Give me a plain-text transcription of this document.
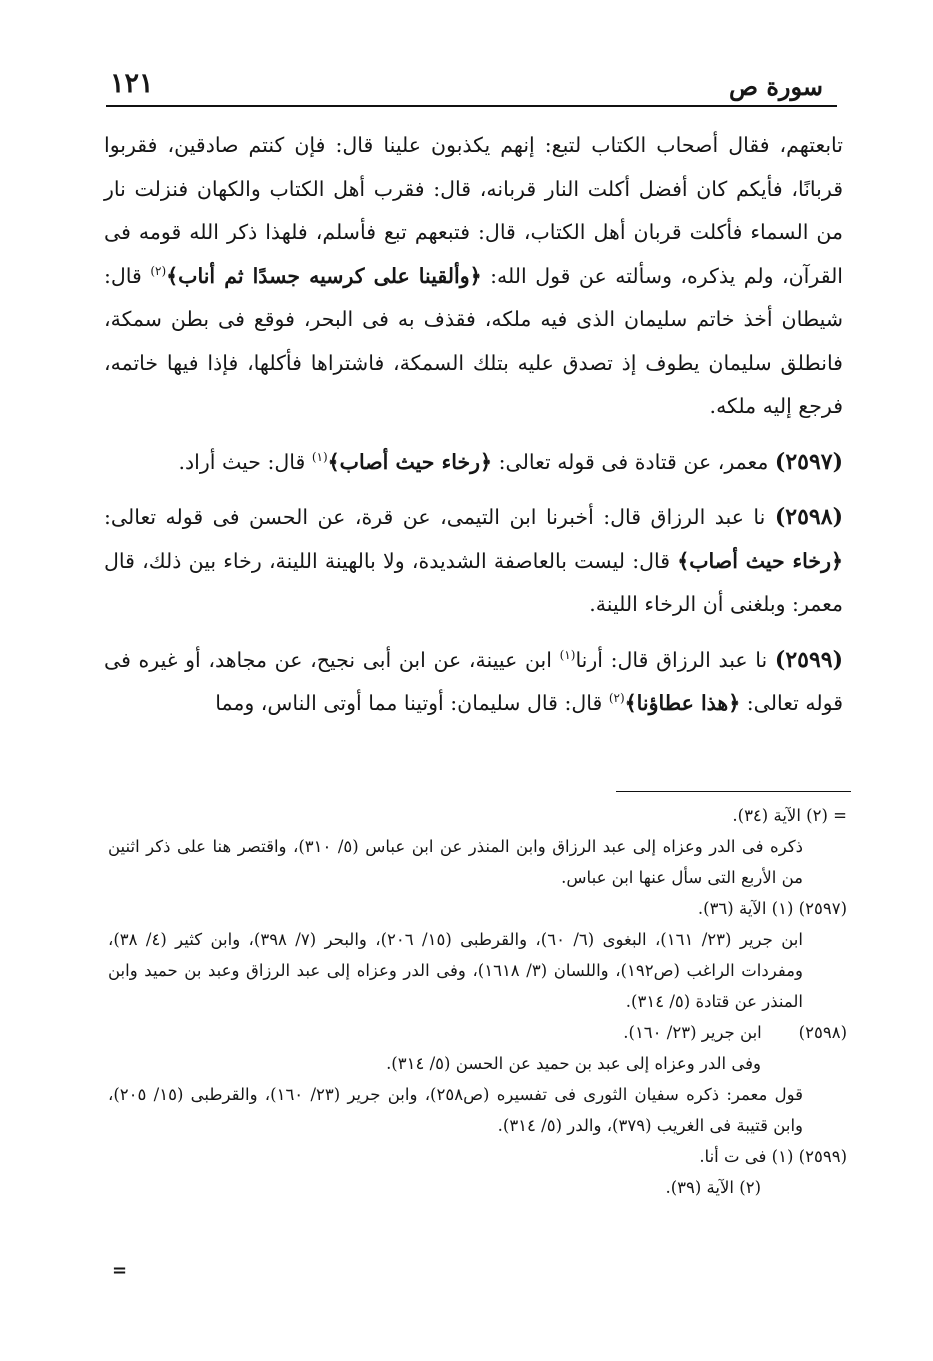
سورة ص
١٢١

تابعتهم، فقال أصحاب الكتاب لتبع: إنهم يكذبون علينا قال: فإن كنتم صادقين، فقربوا قربانًا، فأيكم كان أفضل أكلت النار قربانه، قال: فقرب أهل الكتاب والكهان فنزلت نار من السماء فأكلت قربان أهل الكتاب، قال: فتبعهم تبع فأسلم، فلهذا ذكر الله قومه فى القرآن، ولم يذكره، وسألته عن قول الله: ﴿وألقينا على كرسيه جسدًا ثم أناب﴾$^{(٢)}$ قال: شيطان أخذ خاتم سليمان الذى فيه ملكه، فقذف به فى البحر، فوقع فى بطن سمكة، فانطلق سليمان يطوف إذ تصدق عليه بتلك السمكة، فاشتراها فأكلها، فإذا فيها خاتمه، فرجع إليه ملكه.

(٢٥٩٧) معمر، عن قتادة فى قوله تعالى: ﴿رخاء حيث أصاب﴾$^{(١)}$ قال: حيث أراد.

(٢٥٩٨) نا عبد الرزاق قال: أخبرنا ابن التيمى، عن قرة، عن الحسن فى قوله تعالى: ﴿رخاء حيث أصاب﴾ قال: ليست بالعاصفة الشديدة، ولا بالهينة اللينة، رخاء بين ذلك، قال معمر: وبلغنى أن الرخاء اللينة.

(٢٥٩٩) نا عبد الرزاق قال: أرنا$^{(١)}$ ابن عيينة، عن ابن أبى نجيح، عن مجاهد، أو غيره فى قوله تعالى: ﴿هذا عطاؤنا﴾$^{(٢)}$ قال: قال سليمان: أوتينا مما أوتى الناس، ومما

= (٢) الآية (٣٤).
ذكره فى الدر وعزاه إلى عبد الرزاق وابن المنذر عن ابن عباس (٥/ ٣١٠)، واقتصر هنا على ذكر اثنين من الأربع التى سأل عنها ابن عباس.
(٢٥٩٧) (١) الآية (٣٦).
ابن جرير (٢٣/ ١٦١)، البغوى (٦/ ٦٠)، والقرطبى (١٥/ ٢٠٦)، والبحر (٧/ ٣٩٨)، وابن كثير (٤/ ٣٨)، ومفردات الراغب (ص١٩٢)، واللسان (٣/ ١٦١٨)، وفى الدر وعزاه إلى عبد الرزاق وعبد بن حميد وابن المنذر عن قتادة (٥/ ٣١٤).
(٢٥٩٨) ابن جرير (٢٣/ ١٦٠).
وفى الدر وعزاه إلى عبد بن حميد عن الحسن (٥/ ٣١٤).
قول معمر: ذكره سفيان الثورى فى تفسيره (ص٢٥٨)، وابن جرير (٢٣/ ١٦٠)، والقرطبى (١٥/ ٢٠٥)، وابن قتيبة فى الغريب (٣٧٩)، والدر (٥/ ٣١٤).
(٢٥٩٩) (١) فى ت أنا.
(٢) الآية (٣٩).
=
